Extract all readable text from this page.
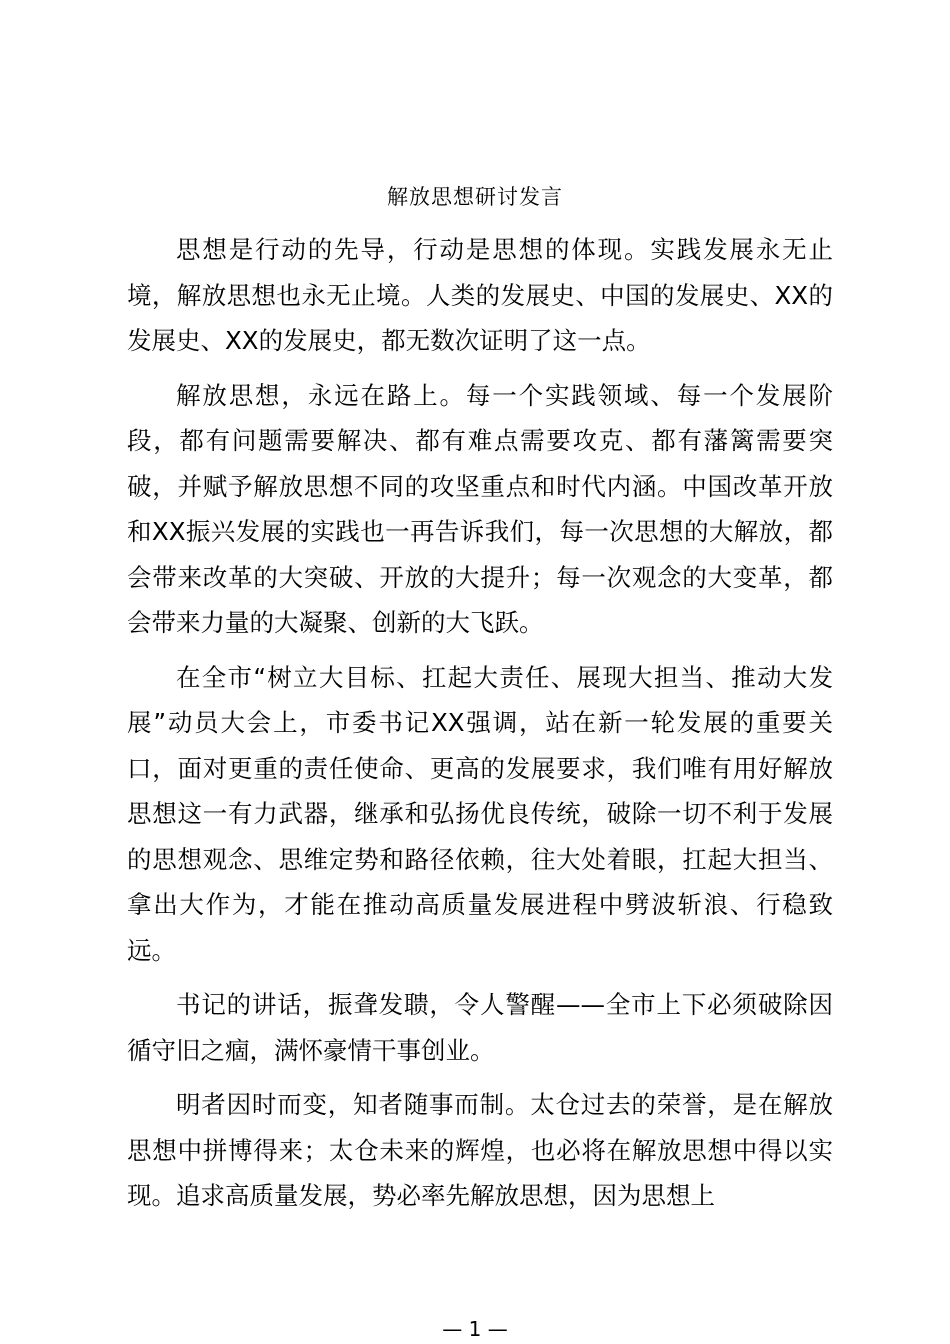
解放思想研讨发言

思想是行动的先导，行动是思想的体现。实践发展永无止境，解放思想也永无止境。人类的发展史、中国的发展史、XX的发展史、XX的发展史，都无数次证明了这一点。

解放思想，永远在路上。每一个实践领域、每一个发展阶段，都有问题需要解决、都有难点需要攻克、都有藩篱需要突破，并赋予解放思想不同的攻坚重点和时代内涵。中国改革开放和XX振兴发展的实践也一再告诉我们，每一次思想的大解放，都会带来改革的大突破、开放的大提升；每一次观念的大变革，都会带来力量的大凝聚、创新的大飞跃。

在全市“树立大目标、扛起大责任、展现大担当、推动大发展”动员大会上，市委书记XX强调，站在新一轮发展的重要关口，面对更重的责任使命、更高的发展要求，我们唯有用好解放思想这一有力武器，继承和弘扬优良传统，破除一切不利于发展的思想观念、思维定势和路径依赖，往大处着眼，扛起大担当、拿出大作为，才能在推动高质量发展进程中劈波斩浪、行稳致远。

书记的讲话，振聋发聩，令人警醒——全市上下必须破除因循守旧之痼，满怀豪情干事创业。

明者因时而变，知者随事而制。太仓过去的荣誉，是在解放思想中拼博得来；太仓未来的辉煌，也必将在解放思想中得以实现。追求高质量发展，势必率先解放思想，因为思想上

— 1 —
